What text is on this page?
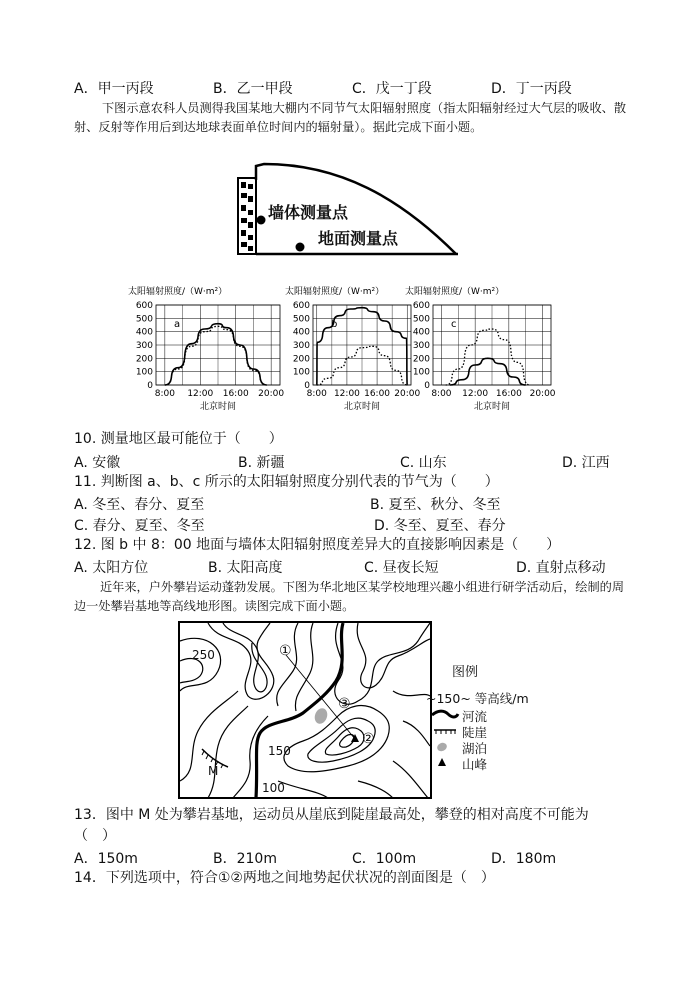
A．甲一丙段	B．乙一甲段	C．戊一丁段	D．丁一丙段
下图示意农科人员测得我国某地大棚内不同节气太阳辐射照度（指太阳辐射经过大气层的吸收、散射、反射等作用后到达地球表面单位时间内的辐射量）。据此完成下面小题。
墙体测量点
地面测量点
太阳辐射照度/（W·m²）
0
100
200
300
400
500
600
8:00 12:00 16:00 20:00
a
北京时间
太阳辐射照度/（W·m²）
0
100
200
300
400
500
600
8:00 12:00 16:00 20:00
b
北京时间
太阳辐射照度/（W·m²）
0
100
200
300
400
500
600
8:00 12:00 16:00 20:00
c
北京时间
10. 测量地区最可能位于（　　）
A. 安徽	B. 新疆	C. 山东	D. 江西
11. 判断图 a、b、c 所示的太阳辐射照度分别代表的节气为（　　）
A. 冬至、春分、夏至	B. 夏至、秋分、冬至
C. 春分、夏至、冬至	D. 冬至、夏至、春分
12. 图 b 中 8：00 地面与墙体太阳辐射照度差异大的直接影响因素是（　　）
A. 太阳方位	B. 太阳高度	C. 昼夜长短	D. 直射点移动
近年来，户外攀岩运动蓬勃发展。下图为华北地区某学校地理兴趣小组进行研学活动后，绘制的周边一处攀岩基地等高线地形图。读图完成下面小题。
250
150
100
M
①
②
③
图例
~150~ 等高线/m
河流
陡崖
湖泊
山峰
13．图中 M 处为攀岩基地，运动员从崖底到陡崖最高处，攀登的相对高度不可能为
（　）
A．150m	B．210m	C．100m	D．180m
14．下列选项中，符合①②两地之间地势起伏状况的剖面图是（　）
